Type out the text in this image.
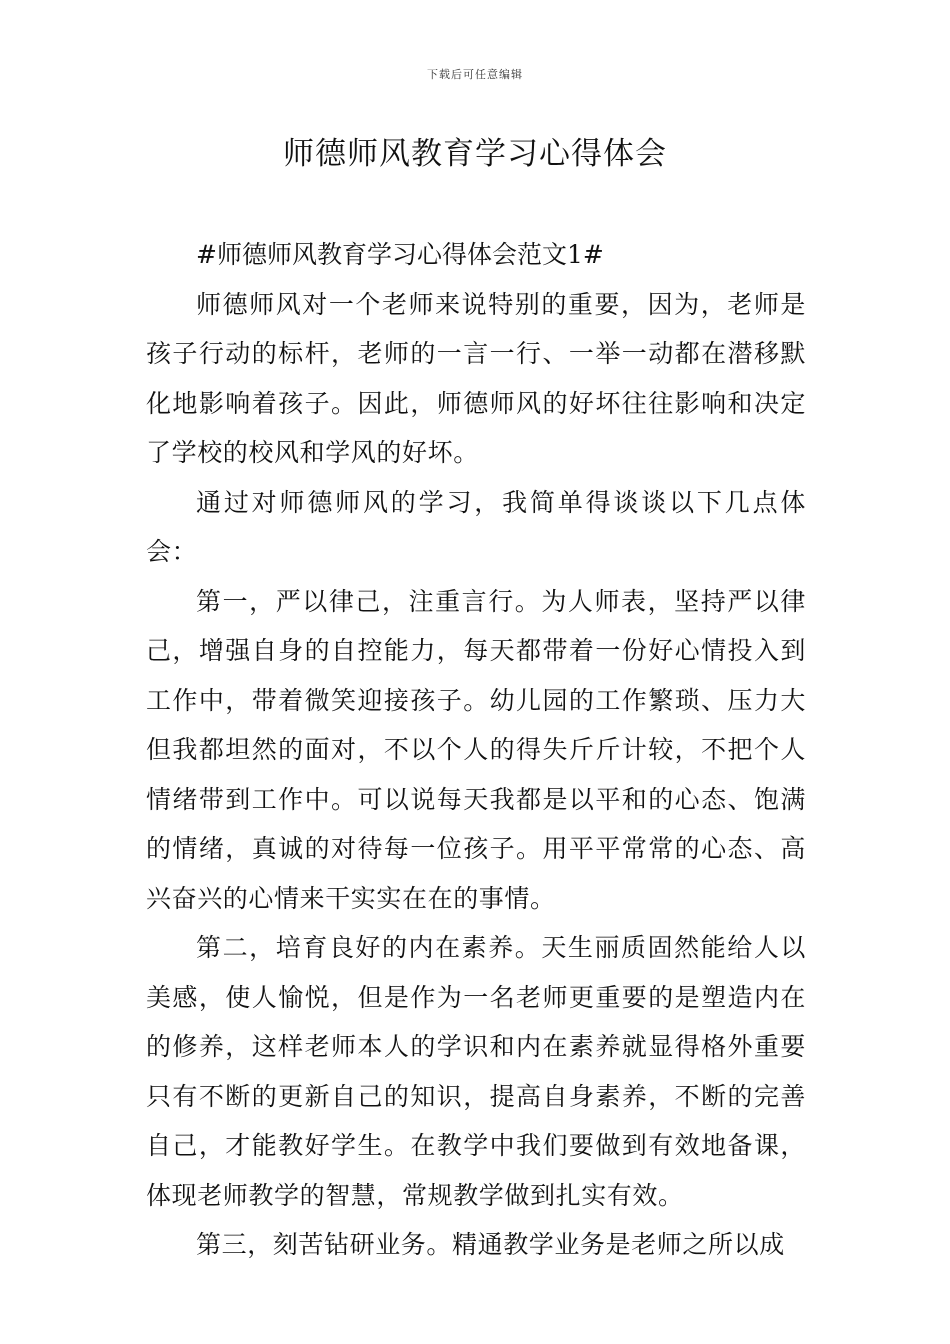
下载后可任意编辑
师德师风教育学习心得体会

#师德师风教育学习心得体会范文1#

师德师风对一个老师来说特别的重要，因为，老师是孩子行动的标杆，老师的一言一行、一举一动都在潜移默化地影响着孩子。因此，师德师风的好坏往往影响和决定了学校的校风和学风的好坏。

通过对师德师风的学习，我简单得谈谈以下几点体会：

第一，严以律己，注重言行。为人师表，坚持严以律己，增强自身的自控能力，每天都带着一份好心情投入到工作中，带着微笑迎接孩子。幼儿园的工作繁琐、压力大但我都坦然的面对，不以个人的得失斤斤计较，不把个人情绪带到工作中。可以说每天我都是以平和的心态、饱满的情绪，真诚的对待每一位孩子。用平平常常的心态、高兴奋兴的心情来干实实在在的事情。

第二，培育良好的内在素养。天生丽质固然能给人以美感，使人愉悦，但是作为一名老师更重要的是塑造内在的修养，这样老师本人的学识和内在素养就显得格外重要只有不断的更新自己的知识，提高自身素养，不断的完善自己，才能教好学生。在教学中我们要做到有效地备课，体现老师教学的智慧，常规教学做到扎实有效。

第三，刻苦钻研业务。精通教学业务是老师之所以成
